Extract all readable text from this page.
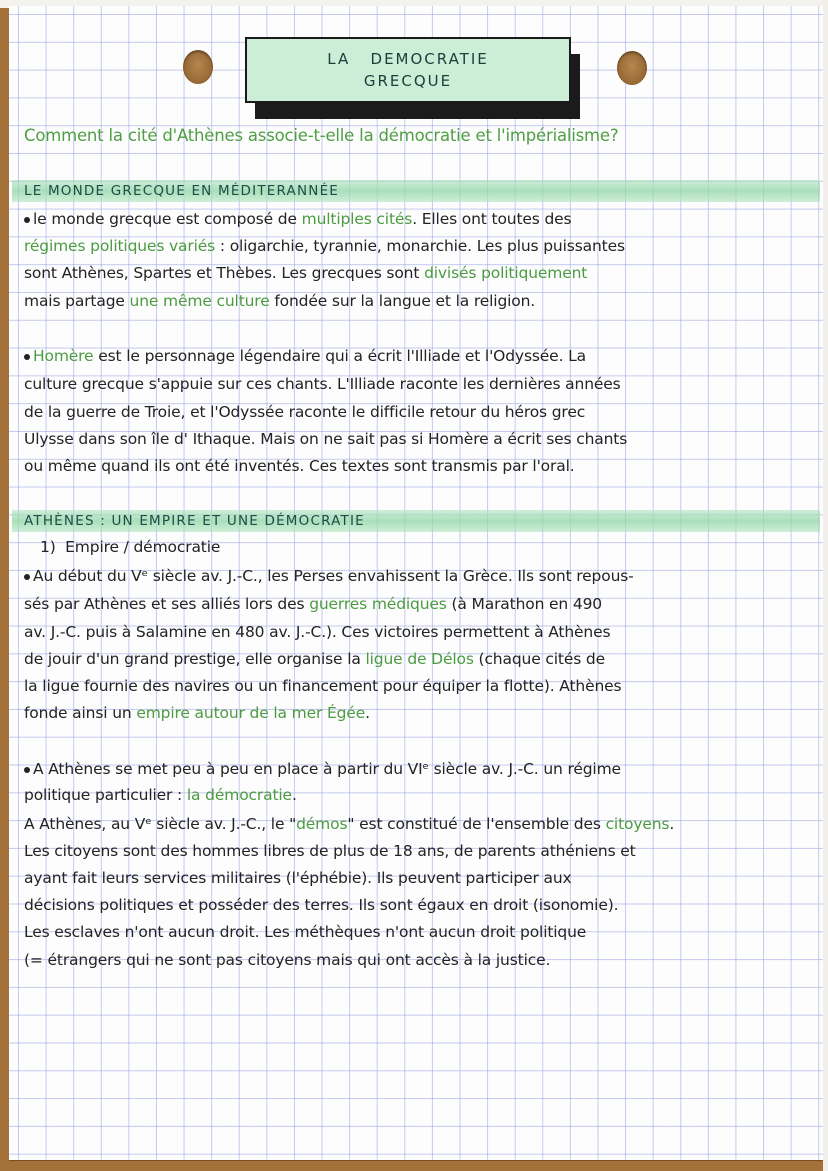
LA   DEMOCRATIE
GRECQUE
Comment la cité d'Athènes associe-t-elle la démocratie et l'impérialisme?
LE MONDE GRECQUE EN MÉDITERANNÉE
le monde grecque est composé de multiples cités. Elles ont toutes des
régimes politiques variés : oligarchie, tyrannie, monarchie. Les plus puissantes
sont Athènes, Spartes et Thèbes. Les grecques sont divisés politiquement
mais partage une même culture fondée sur la langue et la religion.
Homère est le personnage légendaire qui a écrit l'Illiade et l'Odyssée. La
culture grecque s'appuie sur ces chants. L'Illiade raconte les dernières années
de la guerre de Troie, et l'Odyssée raconte le difficile retour du héros grec
Ulysse dans son île d' Ithaque. Mais on ne sait pas si Homère a écrit ses chants
ou même quand ils ont été inventés. Ces textes sont transmis par l'oral.
ATHÈNES : UN EMPIRE ET UNE DÉMOCRATIE
1)  Empire / démocratie
Au début du Vᵉ siècle av. J.-C., les Perses envahissent la Grèce. Ils sont repous-
sés par Athènes et ses alliés lors des guerres médiques (à Marathon en 490
av. J.-C. puis à Salamine en 480 av. J.-C.). Ces victoires permettent à Athènes
de jouir d'un grand prestige, elle organise la ligue de Délos (chaque cités de
la ligue fournie des navires ou un financement pour équiper la flotte). Athènes
fonde ainsi un empire autour de la mer Égée.
A Athènes se met peu à peu en place à partir du VIᵉ siècle av. J.-C. un régime
politique particulier : la démocratie.
A Athènes, au Vᵉ siècle av. J.-C., le "démos" est constitué de l'ensemble des citoyens.
Les citoyens sont des hommes libres de plus de 18 ans, de parents athéniens et
ayant fait leurs services militaires (l'éphébie). Ils peuvent participer aux
décisions politiques et posséder des terres. Ils sont égaux en droit (isonomie).
Les esclaves n'ont aucun droit. Les méthèques n'ont aucun droit politique
(= étrangers qui ne sont pas citoyens mais qui ont accès à la justice.
